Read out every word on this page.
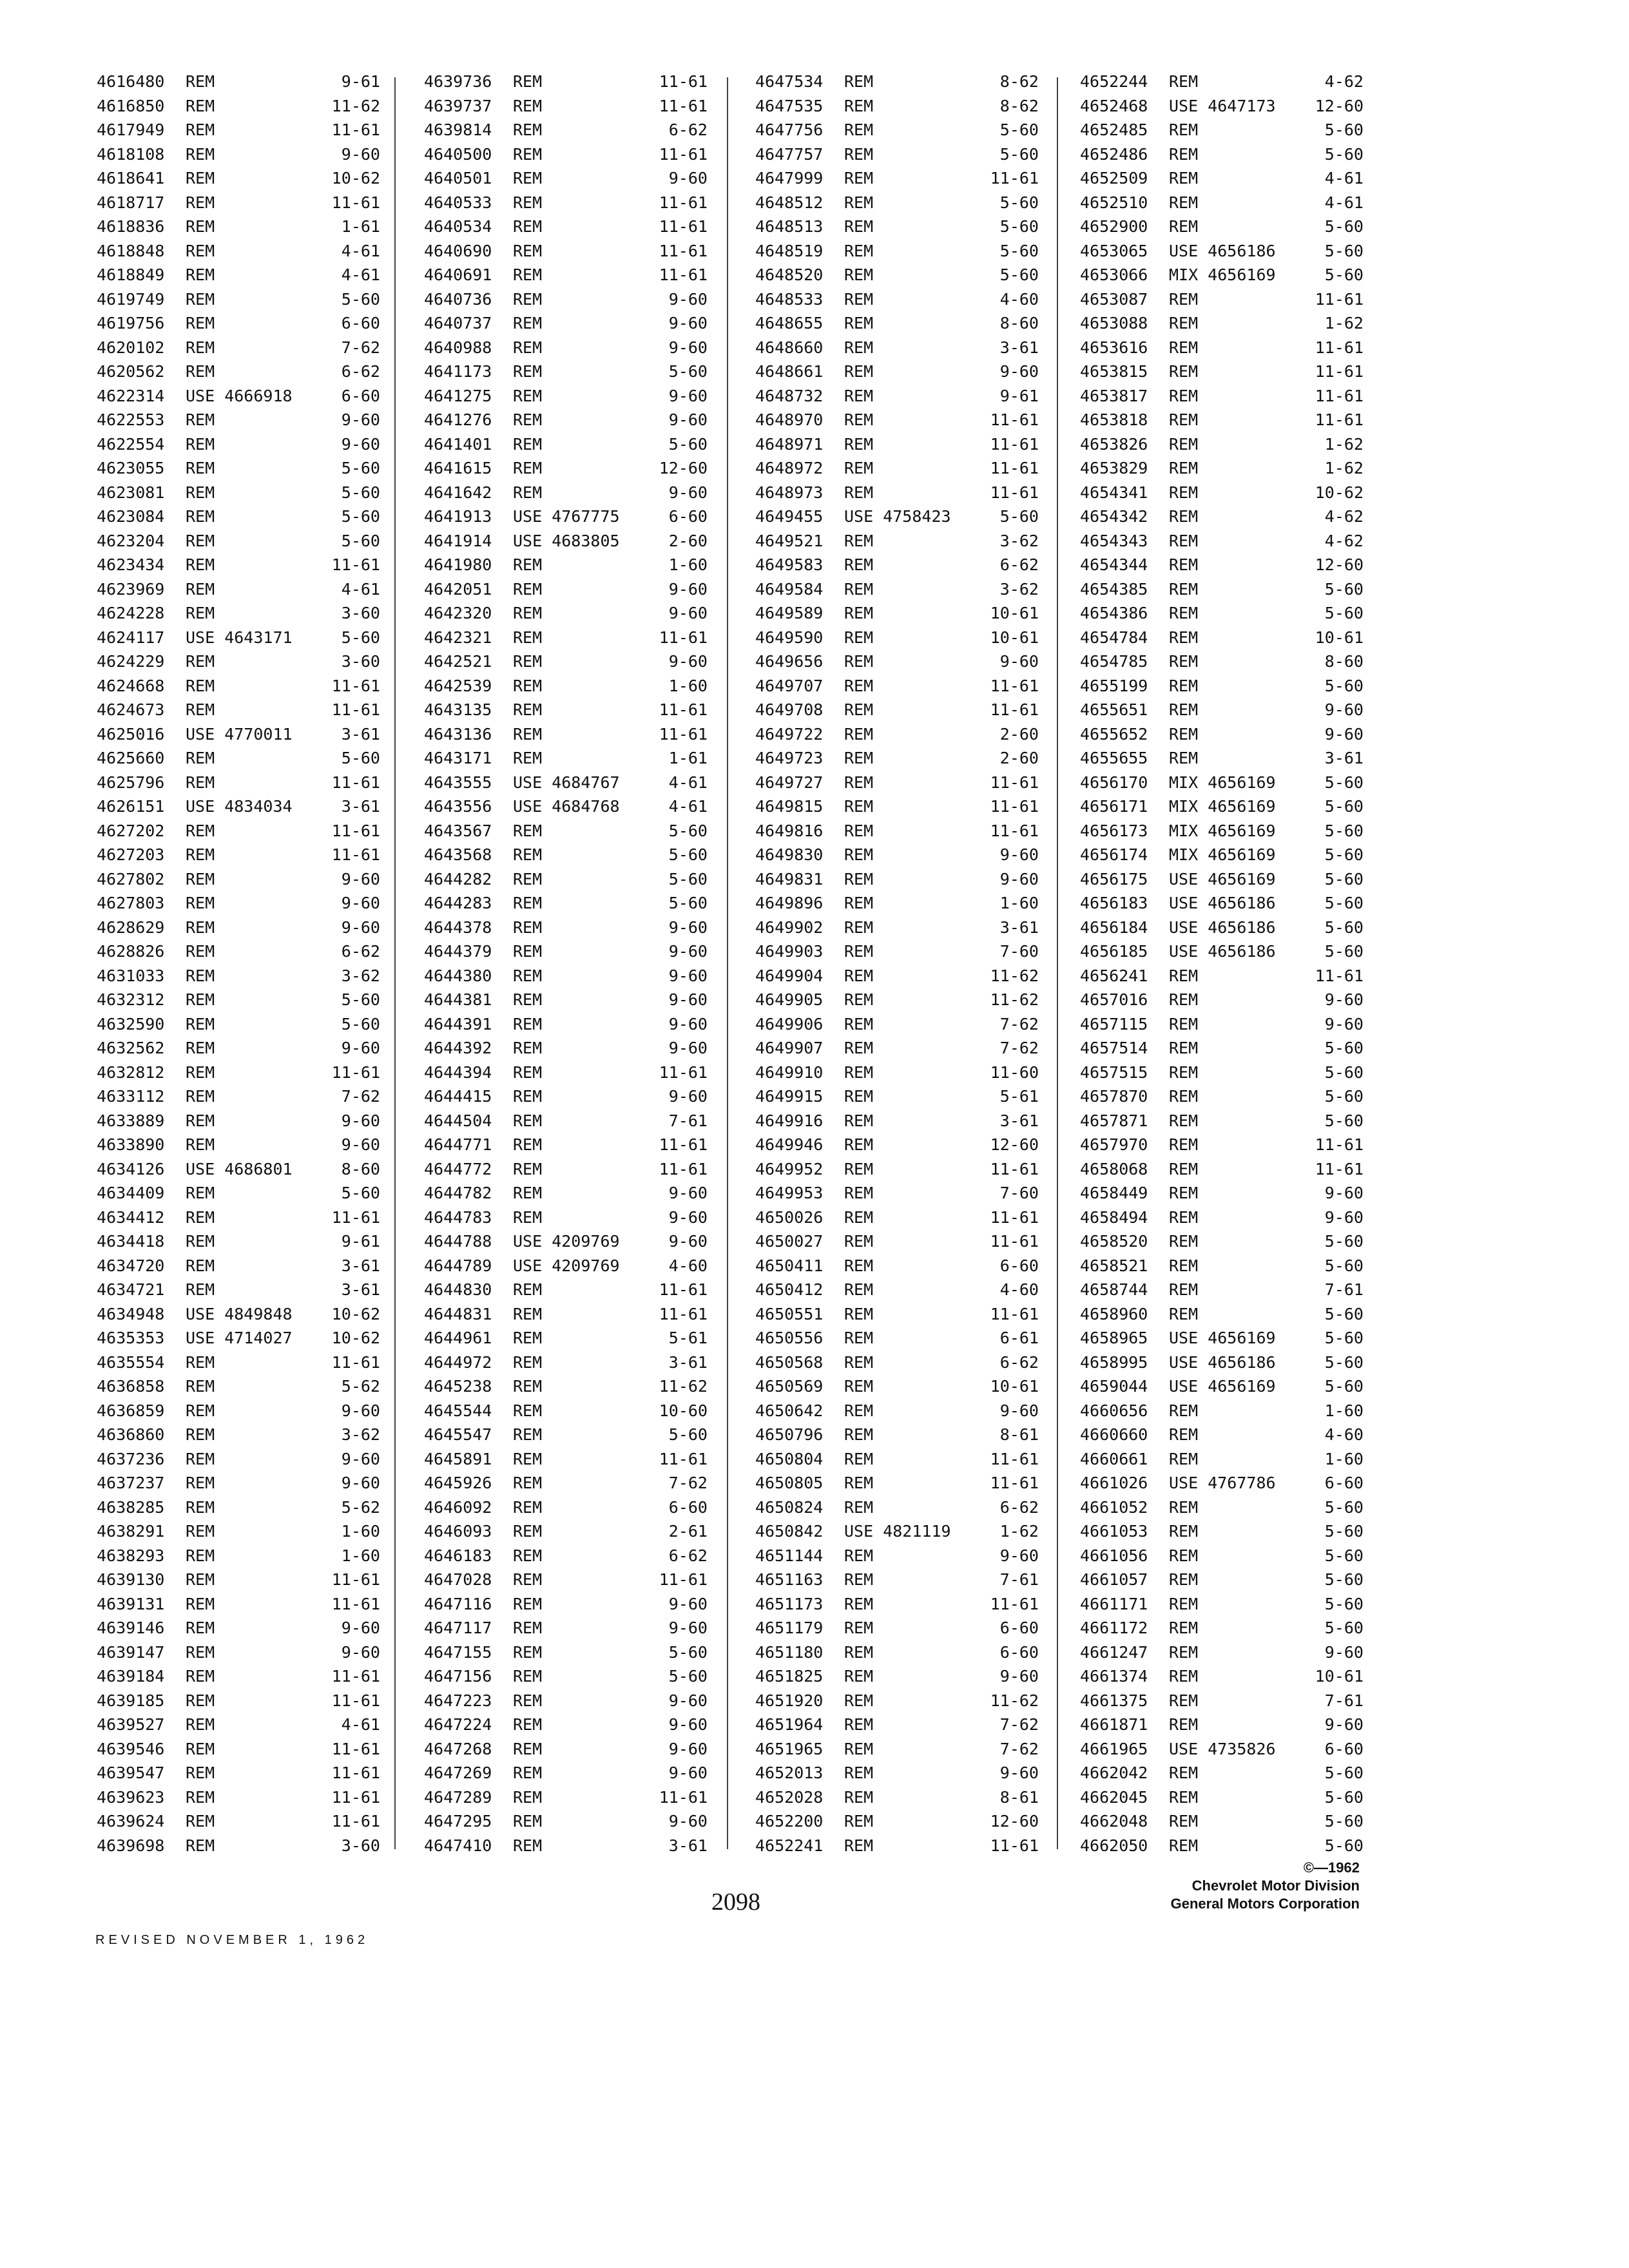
4616480 REM	9-61
4616850 REM	11-62
4617949 REM	11-61
4618108 REM	9-60
4618641 REM	10-62
4618717 REM	11-61
4618836 REM	1-61
4618848 REM	4-61
4618849 REM	4-61
4619749 REM	5-60
4619756 REM	6-60
4620102 REM	7-62
4620562 REM	6-62
4622314 USE 4666918	6-60
4622553 REM	9-60
4622554 REM	9-60
4623055 REM	5-60
4623081 REM	5-60
4623084 REM	5-60
4623204 REM	5-60
4623434 REM	11-61
4623969 REM	4-61
4624228 REM	3-60
4624117 USE 4643171	5-60
4624229 REM	3-60
4624668 REM	11-61
4624673 REM	11-61
4625016 USE 4770011	3-61
4625660 REM	5-60
4625796 REM	11-61
4626151 USE 4834034	3-61
4627202 REM	11-61
4627203 REM	11-61
4627802 REM	9-60
4627803 REM	9-60
4628629 REM	9-60
4628826 REM	6-62
4631033 REM	3-62
4632312 REM	5-60
4632590 REM	5-60
4632562 REM	9-60
4632812 REM	11-61
4633112 REM	7-62
4633889 REM	9-60
4633890 REM	9-60
4634126 USE 4686801	8-60
4634409 REM	5-60
4634412 REM	11-61
4634418 REM	9-61
4634720 REM	3-61
4634721 REM	3-61
4634948 USE 4849848 10-62
4635353 USE 4714027 10-62
4635554 REM	11-61
4636858 REM	5-62
4636859 REM	9-60
4636860 REM	3-62
4637236 REM	9-60
4637237 REM	9-60
4638285 REM	5-62
4638291 REM	1-60
4638293 REM	1-60
4639130 REM	11-61
4639131 REM	11-61
4639146 REM	9-60
4639147 REM	9-60
4639184 REM	11-61
4639185 REM	11-61
4639527 REM	4-61
4639546 REM	11-61
4639547 REM	11-61
4639623 REM	11-61
4639624 REM	11-61
4639698 REM	3-60
4639736 REM	11-61
4639737 REM	11-61
4639814 REM	6-62
4640500 REM	11-61
4640501 REM	9-60
4640533 REM	11-61
4640534 REM	11-61
4640690 REM	11-61
4640691 REM	11-61
4640736 REM	9-60
4640737 REM	9-60
4640988 REM	9-60
4641173 REM	5-60
4641275 REM	9-60
4641276 REM	9-60
4641401 REM	5-60
4641615 REM	12-60
4641642 REM	9-60
4641913 USE 4767775	6-60
4641914 USE 4683805	2-60
4641980 REM	1-60
4642051 REM	9-60
4642320 REM	9-60
4642321 REM	11-61
4642521 REM	9-60
4642539 REM	1-60
4643135 REM	11-61
4643136 REM	11-61
4643171 REM	1-61
4643555 USE 4684767	4-61
4643556 USE 4684768	4-61
4643567 REM	5-60
4643568 REM	5-60
4644282 REM	5-60
4644283 REM	5-60
4644378 REM	9-60
4644379 REM	9-60
4644380 REM	9-60
4644381 REM	9-60
4644391 REM	9-60
4644392 REM	9-60
4644394 REM	11-61
4644415 REM	9-60
4644504 REM	7-61
4644771 REM	11-61
4644772 REM	11-61
4644782 REM	9-60
4644783 REM	9-60
4644788 USE 4209769	9-60
4644789 USE 4209769	4-60
4644830 REM	11-61
4644831 REM	11-61
4644961 REM	5-61
4644972 REM	3-61
4645238 REM	11-62
4645544 REM	10-60
4645547 REM	5-60
4645891 REM	11-61
4645926 REM	7-62
4646092 REM	6-60
4646093 REM	2-61
4646183 REM	6-62
4647028 REM	11-61
4647116 REM	9-60
4647117 REM	9-60
4647155 REM	5-60
4647156 REM	5-60
4647223 REM	9-60
4647224 REM	9-60
4647268 REM	9-60
4647269 REM	9-60
4647289 REM	11-61
4647295 REM	9-60
4647410 REM	3-61
4647534 REM	8-62
4647535 REM	8-62
4647756 REM	5-60
4647757 REM	5-60
4647999 REM	11-61
4648512 REM	5-60
4648513 REM	5-60
4648519 REM	5-60
4648520 REM	5-60
4648533 REM	4-60
4648655 REM	8-60
4648660 REM	3-61
4648661 REM	9-60
4648732 REM	9-61
4648970 REM	11-61
4648971 REM	11-61
4648972 REM	11-61
4648973 REM	11-61
4649455 USE 4758423	5-60
4649521 REM	3-62
4649583 REM	6-62
4649584 REM	3-62
4649589 REM	10-61
4649590 REM	10-61
4649656 REM	9-60
4649707 REM	11-61
4649708 REM	11-61
4649722 REM	2-60
4649723 REM	2-60
4649727 REM	11-61
4649815 REM	11-61
4649816 REM	11-61
4649830 REM	9-60
4649831 REM	9-60
4649896 REM	1-60
4649902 REM	3-61
4649903 REM	7-60
4649904 REM	11-62
4649905 REM	11-62
4649906 REM	7-62
4649907 REM	7-62
4649910 REM	11-60
4649915 REM	5-61
4649916 REM	3-61
4649946 REM	12-60
4649952 REM	11-61
4649953 REM	7-60
4650026 REM	11-61
4650027 REM	11-61
4650411 REM	6-60
4650412 REM	4-60
4650551 REM	11-61
4650556 REM	6-61
4650568 REM	6-62
4650569 REM	10-61
4650642 REM	9-60
4650796 REM	8-61
4650804 REM	11-61
4650805 REM	11-61
4650824 REM	6-62
4650842 USE 4821119	1-62
4651144 REM	9-60
4651163 REM	7-61
4651173 REM	11-61
4651179 REM	6-60
4651180 REM	6-60
4651825 REM	9-60
4651920 REM	11-62
4651964 REM	7-62
4651965 REM	7-62
4652013 REM	9-60
4652028 REM	8-61
4652200 REM	12-60
4652241 REM	11-61
4652244 REM	4-62
4652468 USE 4647173 12-60
4652485 REM	5-60
4652486 REM	5-60
4652509 REM	4-61
4652510 REM	4-61
4652900 REM	5-60
4653065 USE 4656186	5-60
4653066 MIX 4656169	5-60
4653087 REM	11-61
4653088 REM	1-62
4653616 REM	11-61
4653815 REM	11-61
4653817 REM	11-61
4653818 REM	11-61
4653826 REM	1-62
4653829 REM	1-62
4654341 REM	10-62
4654342 REM	4-62
4654343 REM	4-62
4654344 REM	12-60
4654385 REM	5-60
4654386 REM	5-60
4654784 REM	10-61
4654785 REM	8-60
4655199 REM	5-60
4655651 REM	9-60
4655652 REM	9-60
4655655 REM	3-61
4656170 MIX 4656169	5-60
4656171 MIX 4656169	5-60
4656173 MIX 4656169	5-60
4656174 MIX 4656169	5-60
4656175 USE 4656169	5-60
4656183 USE 4656186	5-60
4656184 USE 4656186	5-60
4656185 USE 4656186	5-60
4656241 REM	11-61
4657016 REM	9-60
4657115 REM	9-60
4657514 REM	5-60
4657515 REM	5-60
4657870 REM	5-60
4657871 REM	5-60
4657970 REM	11-61
4658068 REM	11-61
4658449 REM	9-60
4658494 REM	9-60
4658520 REM	5-60
4658521 REM	5-60
4658744 REM	7-61
4658960 REM	5-60
4658965 USE 4656169	5-60
4658995 USE 4656186	5-60
4659044 USE 4656169	5-60
4660656 REM	1-60
4660660 REM	4-60
4660661 REM	1-60
4661026 USE 4767786	6-60
4661052 REM	5-60
4661053 REM	5-60
4661056 REM	5-60
4661057 REM	5-60
4661171 REM	5-60
4661172 REM	5-60
4661247 REM	9-60
4661374 REM	10-61
4661375 REM	7-61
4661871 REM	9-60
4661965 USE 4735826	6-60
4662042 REM	5-60
4662045 REM	5-60
4662048 REM	5-60
4662050 REM	5-60
©—1962
Chevrolet Motor Division
General Motors Corporation
2098
REVISED NOVEMBER 1, 1962
